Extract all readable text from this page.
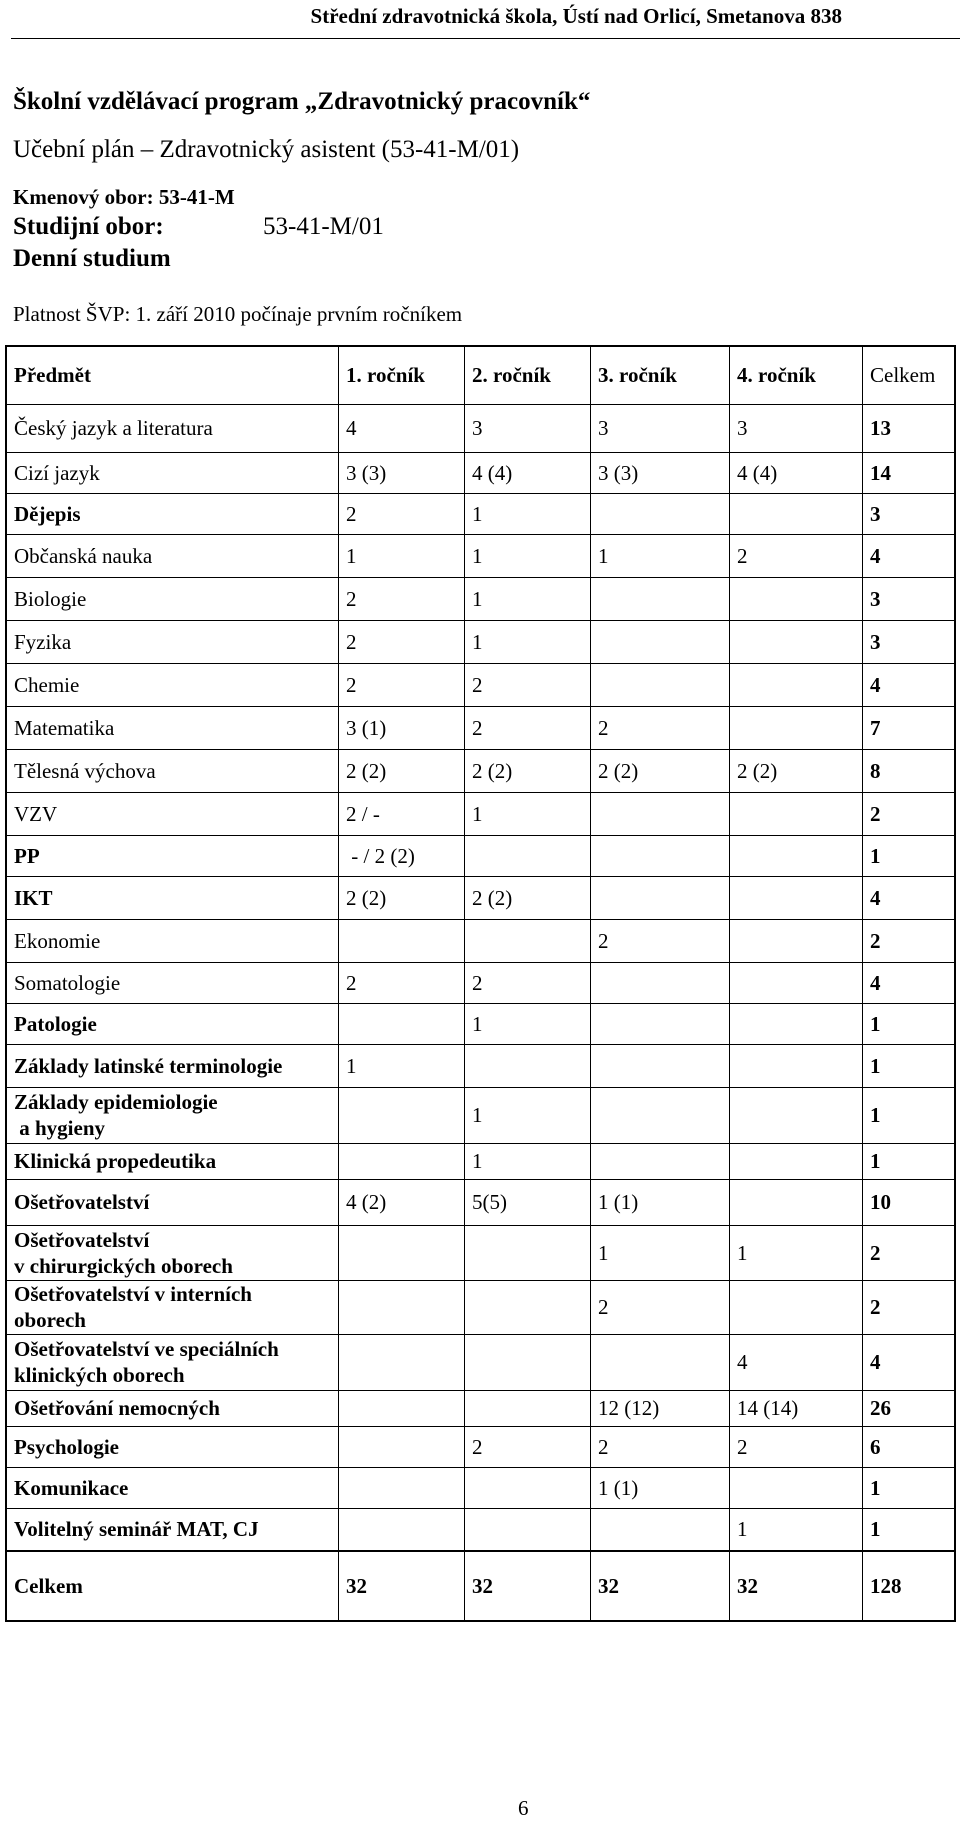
Střední zdravotnická škola, Ústí nad Orlicí, Smetanova 838
Školní vzdělávací program „Zdravotnický pracovník“
Učební plán – Zdravotnický asistent (53-41-M/01)
Kmenový obor: 53-41-M
Studijní obor:	53-41-M/01
Denní studium
Platnost ŠVP: 1. září 2010 počínaje prvním ročníkem
Předmět	1. ročník	2. ročník	3. ročník	4. ročník	Celkem
Český jazyk a literatura	4	3	3	3	13
Cizí jazyk	3 (3)	4 (4)	3 (3)	4 (4)	14
Dějepis	2	1			3
Občanská nauka	1	1	1	2	4
Biologie	2	1			3
Fyzika	2	1			3
Chemie	2	2			4
Matematika	3 (1)	2	2		7
Tělesná výchova	2 (2)	2 (2)	2 (2)	2 (2)	8
VZV	2 / -	1			2
PP	- / 2 (2)				1
IKT	2 (2)	2 (2)			4
Ekonomie			2		2
Somatologie	2	2			4
Patologie		1			1
Základy latinské terminologie	1				1
Základy epidemiologie
a hygieny		1			1
Klinická propedeutika		1			1
Ošetřovatelství	4 (2)	5(5)	1 (1)		10
Ošetřovatelství
v chirurgických oborech			1	1	2
Ošetřovatelství v interních
oborech			2		2
Ošetřovatelství ve speciálních
klinických oborech				4	4
Ošetřování nemocných			12 (12)	14 (14)	26
Psychologie		2	2	2	6
Komunikace			1 (1)		1
Volitelný seminář MAT, CJ				1	1
Celkem	32	32	32	32	128
6
